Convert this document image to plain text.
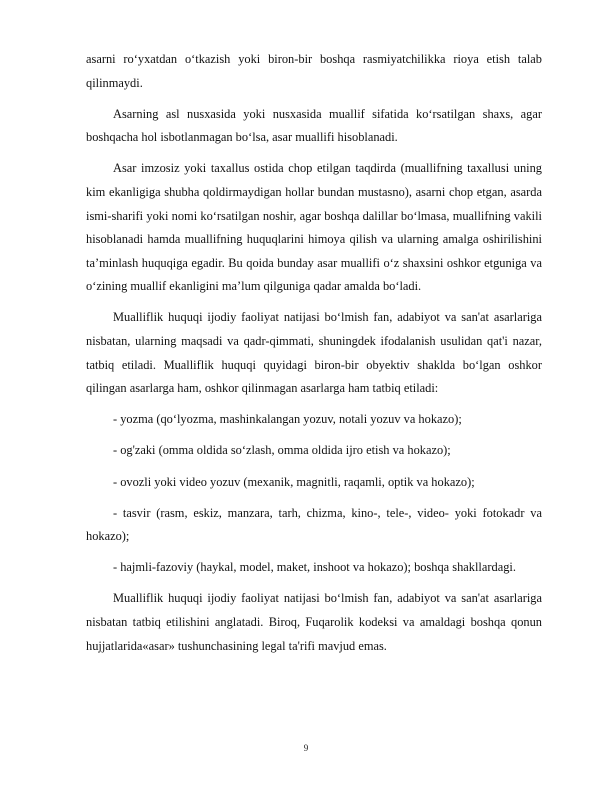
asarni ro‘yxatdan o‘tkazish yoki biron-bir boshqa rasmiyatchilikka rioya etish talab qilinmaydi.

Asarning asl nusxasida yoki nusxasida muallif sifatida ko‘rsatilgan shaxs, agar boshqacha hol isbotlanmagan bo‘lsa, asar muallifi hisoblanadi.

Asar imzosiz yoki taxallus ostida chop etilgan taqdirda (muallifning taxallusi uning kim ekanligiga shubha qoldirmaydigan hollar bundan mustasno), asarni chop etgan, asarda ismi-sharifi yoki nomi ko‘rsatilgan noshir, agar boshqa dalillar bo‘lmasa, muallifning vakili hisoblanadi hamda muallifning huquqlarini himoya qilish va ularning amalga oshirilishini ta’minlash huquqiga egadir. Bu qoida bunday asar muallifi o‘z shaxsini oshkor etguniga va o‘zining muallif ekanligini ma’lum qilguniga qadar amalda bo‘ladi.

Mualliflik huquqi ijodiy faoliyat natijasi bo‘lmish fan, adabiyot va san'at asarlariga nisbatan, ularning maqsadi va qadr-qimmati, shuningdek ifodalanish usulidan qat'i nazar, tatbiq etiladi. Mualliflik huquqi quyidagi biron-bir obyektiv shaklda bo‘lgan oshkor qilingan asarlarga ham, oshkor qilinmagan asarlarga ham tatbiq etiladi:

- yozma (qo‘lyozma, mashinkalangan yozuv, notali yozuv va hokazo);
- og'zaki (omma oldida so‘zlash, omma oldida ijro etish va hokazo);
- ovozli yoki video yozuv (mexanik, magnitli, raqamli, optik va hokazo);
- tasvir (rasm, eskiz, manzara, tarh, chizma, kino-, tele-, video- yoki fotokadr va hokazo);
- hajmli-fazoviy (haykal, model, maket, inshoot va hokazo); boshqa shakllardagi.

Mualliflik huquqi ijodiy faoliyat natijasi bo‘lmish fan, adabiyot va san'at asarlariga nisbatan tatbiq etilishini anglatadi. Biroq, Fuqarolik kodeksi va amaldagi boshqa qonun hujjatlarida«asar» tushunchasining legal ta'rifi mavjud emas.

9
